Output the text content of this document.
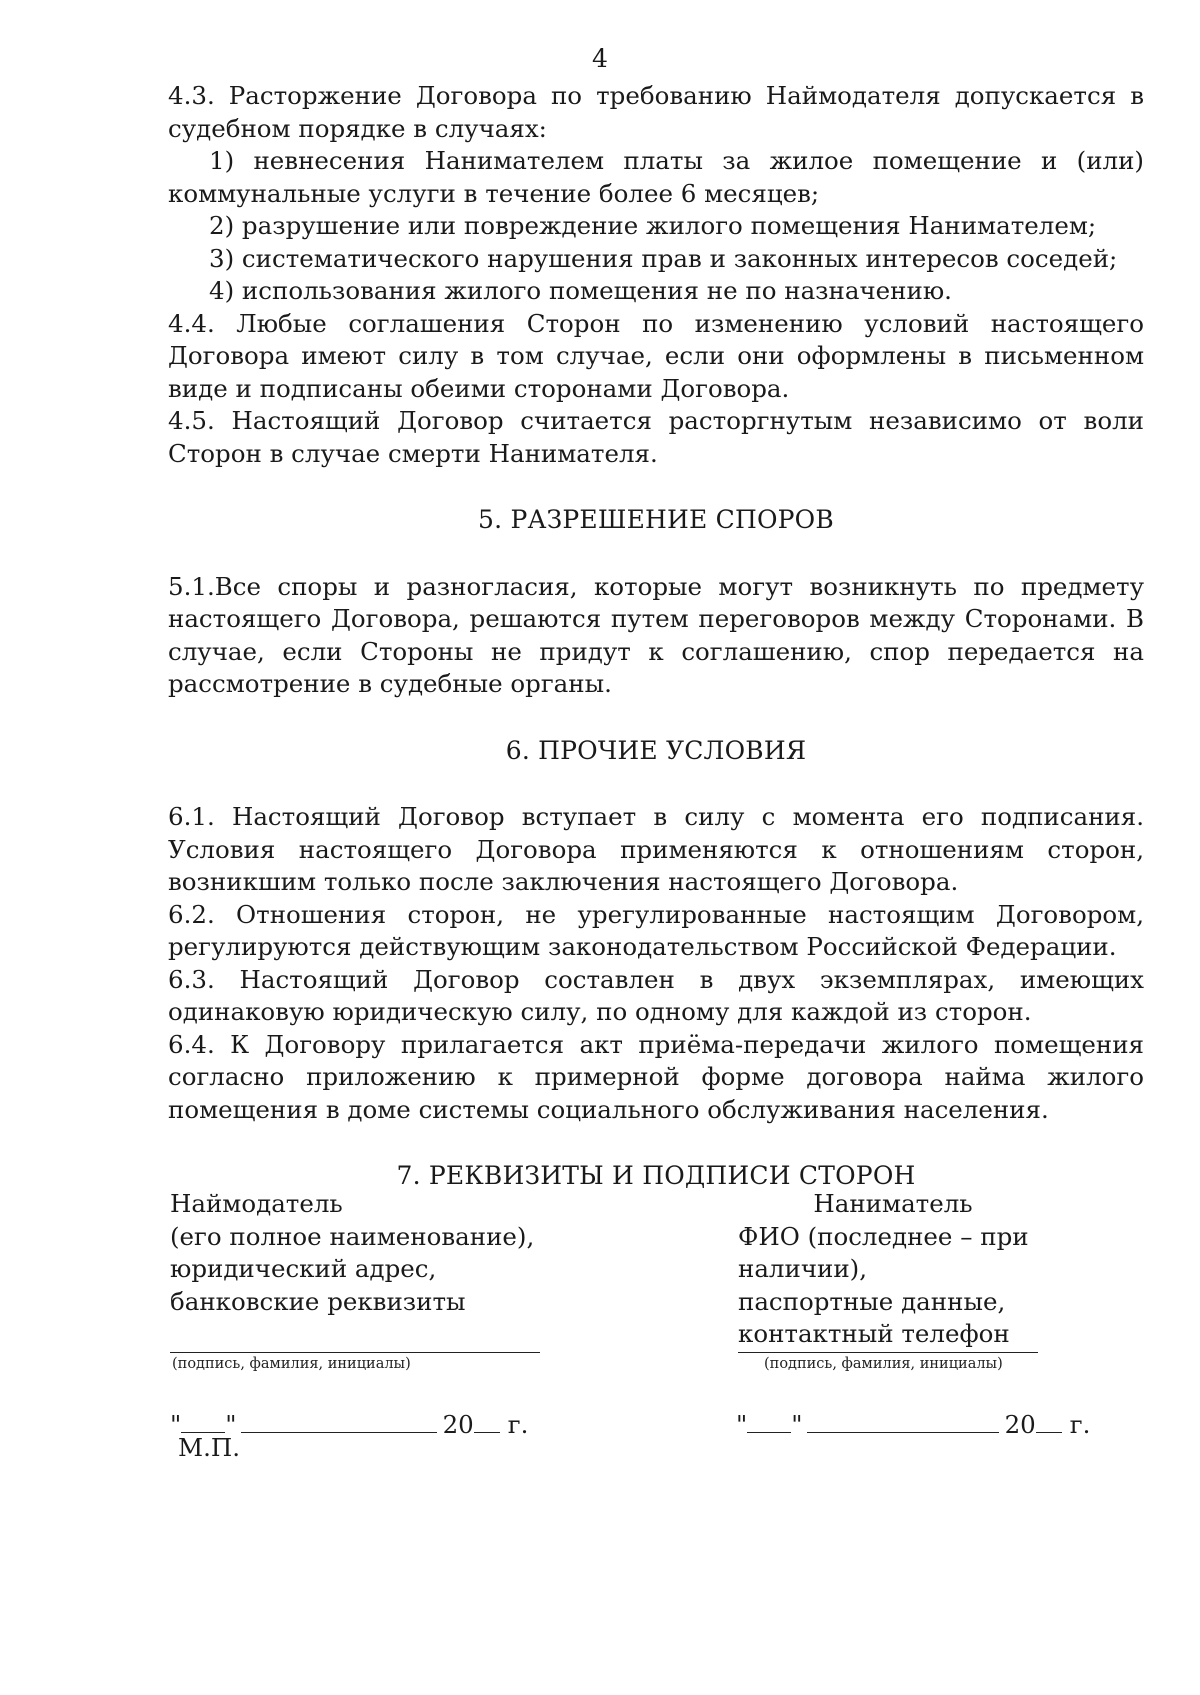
4

4.3. Расторжение Договора по требованию Наймодателя допускается в судебном порядке в случаях:

1) невнесения Нанимателем платы за жилое помещение и (или) коммунальные услуги в течение более 6 месяцев;

2) разрушение или повреждение жилого помещения Нанимателем;

3) систематического нарушения прав и законных интересов соседей;

4) использования жилого помещения не по назначению.

4.4. Любые соглашения Сторон по изменению условий настоящего Договора имеют силу в том случае, если они оформлены в письменном виде и подписаны обеими сторонами Договора.

4.5. Настоящий Договор считается расторгнутым независимо от воли Сторон в случае смерти Нанимателя.

5. РАЗРЕШЕНИЕ СПОРОВ

5.1.Все споры и разногласия, которые могут возникнуть по предмету настоящего Договора, решаются путем переговоров между Сторонами. В случае, если Стороны не придут к соглашению, спор передается на рассмотрение в судебные органы.

6. ПРОЧИЕ УСЛОВИЯ

6.1. Настоящий Договор вступает в силу с момента его подписания. Условия настоящего Договора применяются к отношениям сторон, возникшим только после заключения настоящего Договора.

6.2. Отношения сторон, не урегулированные настоящим Договором, регулируются действующим законодательством Российской Федерации.

6.3. Настоящий Договор составлен в двух экземплярах, имеющих одинаковую юридическую силу, по одному для каждой из сторон.

6.4. К Договору прилагается акт приёма-передачи жилого помещения согласно приложению к примерной форме договора найма жилого помещения в доме системы социального обслуживания населения.

7. РЕКВИЗИТЫ И ПОДПИСИ СТОРОН

Наймодатель
(его полное наименование),
юридический адрес,
банковские реквизиты
Наниматель
ФИО (последнее – при наличии),
паспортные данные,
контактный телефон
(подпись, фамилия, инициалы)	(подпись, фамилия, инициалы)
" "	20 г.	" "	20 г.
М.П.
